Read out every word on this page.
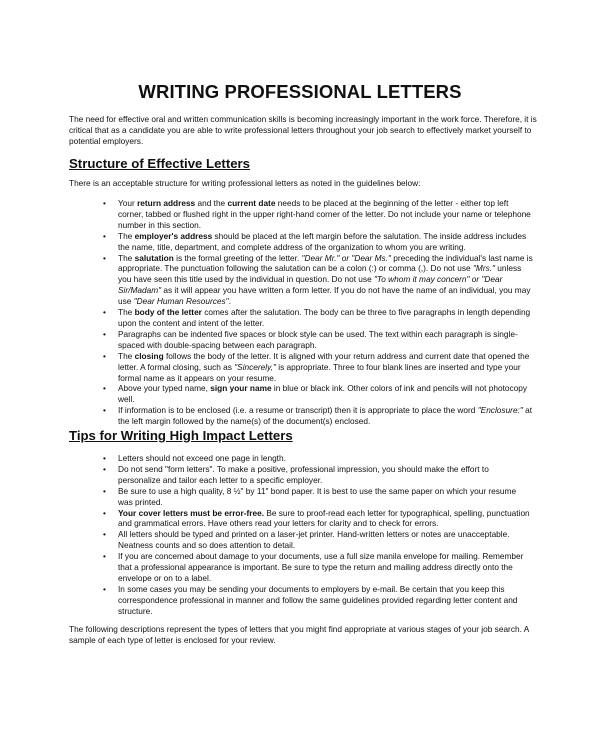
WRITING PROFESSIONAL LETTERS

The need for effective oral and written communication skills is becoming increasingly important in the work force. Therefore, it is critical that as a candidate you are able to write professional letters throughout your job search to effectively market yourself to potential employers.

Structure of Effective Letters

There is an acceptable structure for writing professional letters as noted in the guidelines below:

• Your return address and the current date needs to be placed at the beginning of the letter - either top left corner, tabbed or flushed right in the upper right-hand corner of the letter. Do not include your name or telephone number in this section.
• The employer's address should be placed at the left margin before the salutation. The inside address includes the name, title, department, and complete address of the organization to whom you are writing.
• The salutation is the formal greeting of the letter. "Dear Mr." or "Dear Ms." preceding the individual's last name is appropriate. The punctuation following the salutation can be a colon (:) or comma (,). Do not use "Mrs." unless you have seen this title used by the individual in question. Do not use "To whom it may concern" or "Dear Sir/Madam" as it will appear you have written a form letter. If you do not have the name of an individual, you may use "Dear Human Resources".
• The body of the letter comes after the salutation. The body can be three to five paragraphs in length depending upon the content and intent of the letter.
• Paragraphs can be indented five spaces or block style can be used. The text within each paragraph is single-spaced with double-spacing between each paragraph.
• The closing follows the body of the letter. It is aligned with your return address and current date that opened the letter. A formal closing, such as "Sincerely," is appropriate. Three to four blank lines are inserted and type your formal name as it appears on your resume.
• Above your typed name, sign your name in blue or black ink. Other colors of ink and pencils will not photocopy well.
• If information is to be enclosed (i.e. a resume or transcript) then it is appropriate to place the word "Enclosure:" at the left margin followed by the name(s) of the document(s) enclosed.
Tips for Writing High Impact Letters
• Letters should not exceed one page in length.
• Do not send "form letters". To make a positive, professional impression, you should make the effort to personalize and tailor each letter to a specific employer.
• Be sure to use a high quality, 8 ½" by 11" bond paper. It is best to use the same paper on which your resume was printed.
• Your cover letters must be error-free. Be sure to proof-read each letter for typographical, spelling, punctuation and grammatical errors. Have others read your letters for clarity and to check for errors.
• All letters should be typed and printed on a laser-jet printer. Hand-written letters or notes are unacceptable. Neatness counts and so does attention to detail.
• If you are concerned about damage to your documents, use a full size manila envelope for mailing. Remember that a professional appearance is important. Be sure to type the return and mailing address directly onto the envelope or on to a label.
• In some cases you may be sending your documents to employers by e-mail. Be certain that you keep this correspondence professional in manner and follow the same guidelines provided regarding letter content and structure.

The following descriptions represent the types of letters that you might find appropriate at various stages of your job search. A sample of each type of letter is enclosed for your review.
